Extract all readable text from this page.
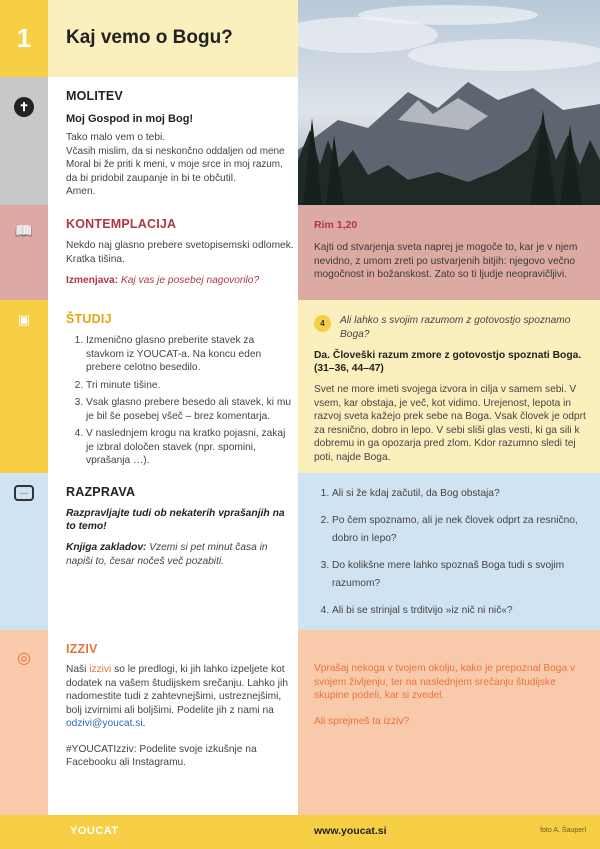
1 Kaj vemo o Bogu?
✝
MOLITEV

Moj Gospod in moj Bog!

Tako malo vem o tebi.

Včasih mislim, da si neskončno oddaljen od mene

Moral bi že priti k meni, v moje srce in moj razum,

da bi pridobil zaupanje in bi te občutil.

Amen.

📖	KONTEMPLACIJA

Nekdo naj glasno prebere svetopisemski odlomek. Kratka tišina.

Izmenjava: Kaj vas je posebej nagovorilo?

Rim 1,20

Kajti od stvarjenja sveta naprej je mogoče to, kar je v njem nevidno, z umom zreti po ustvarjenih bitjih: njegovo večno mogočnost in božanskost. Zato so ti ljudje neopravičljivi.

▣	ŠTUDIJ
1. Izmenično glasno preberite stavek za stavkom iz YOUCAT-a. Na koncu eden prebere celotno besedilo.
2. Tri minute tišine.
3. Vsak glasno prebere besedo ali stavek, ki mu je bil še posebej všeč – brez komentarja.
4. V naslednjem krogu na kratko pojasni, zakaj je izbral določen stavek (npr. spomini, vprašanja …).
4	Ali lahko s svojim razumom z gotovostjo spoznamo Boga?

Da. Človeški razum zmore z gotovostjo spoznati Boga. (31–36, 44–47)

Svet ne more imeti svojega izvora in cilja v samem sebi. V vsem, kar obstaja, je več, kot vidimo. Urejenost, lepota in razvoj sveta kažejo prek sebe na Boga. Vsak človek je odprt za resnično, dobro in lepo. V sebi sliši glas vesti, ki ga sili k dobremu in ga opozarja pred zlom. Kdor razumno sledi tej poti, najde Boga.

···	RAZPRAVA

Razpravljajte tudi ob nekaterih vprašanjih na to temo!

Knjiga zakladov: Vzemi si pet minut časa in napiši to, česar nočeš več pozabiti.

1. Ali si že kdaj začutil, da Bog obstaja?
2. Po čem spoznamo, ali je nek človek odprt za resnično, dobro in lepo?
3. Do kolikšne mere lahko spoznaš Boga tudi s svojim razumom?
4. Ali bi se strinjal s trditvijo »iz nič ni nič«?
◎
IZZIV

Naši izzivi so le predlogi, ki jih lahko izpeljete kot dodatek na vašem študijskem srečanju. Lahko jih nadomestite tudi z zahtevnejšimi, ustreznejšimi, bolj izvirnimi ali boljšimi. Podelite jih z nami na odzivi@youcat.si.

#YOUCATIzziv: Podelite svoje izkušnje na Facebooku ali Instagramu.

Vprašaj nekoga v tvojem okolju, kako je prepoznal Boga v svojem življenju, ter na naslednjem srečanju študijske skupine podeli, kar si zvedel.

Ali sprejmeš ta izziv?

YOUCAT	www.youcat.si	foto A. Šauperl
